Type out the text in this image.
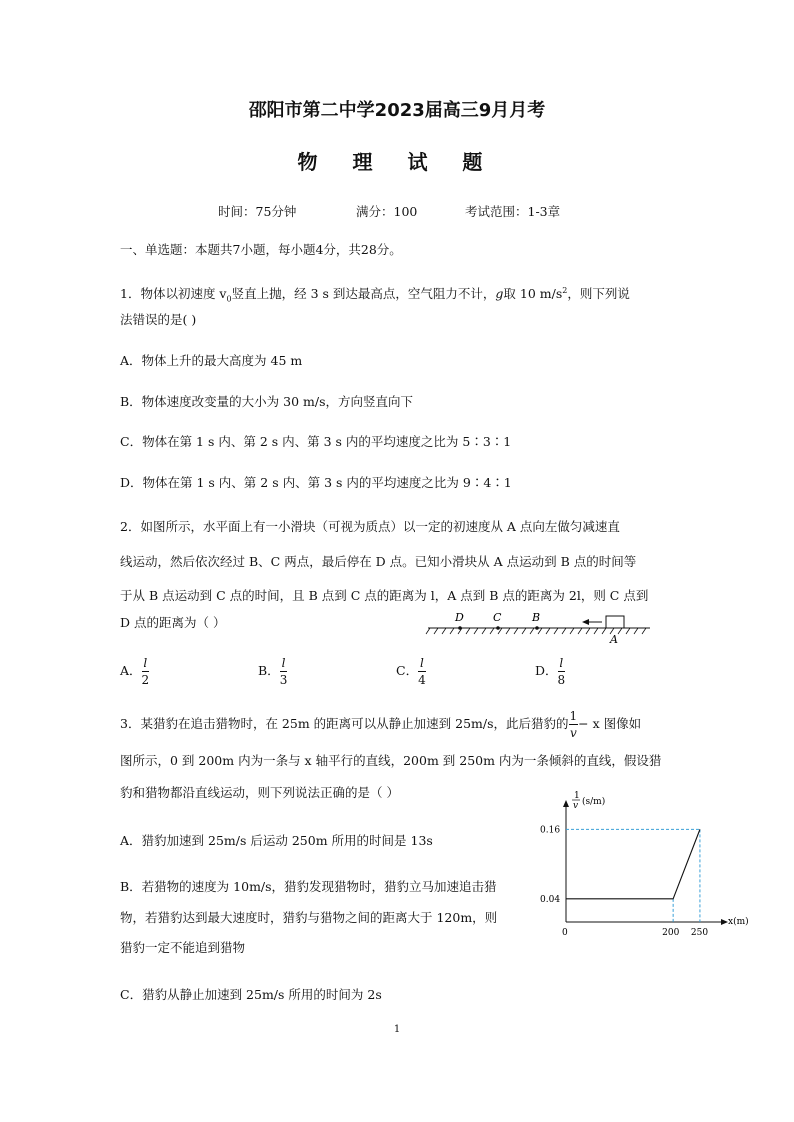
邵阳市第二中学2023届高三9月月考
物 理 试 题
时间：75分钟	满分：100	考试范围：1-3章
一、单选题：本题共7小题，每小题4分，共28分。
1．物体以初速度 $v_0$竖直上抛，经 3 s 到达最高点，空气阻力不计，g取 10 $m/s^2$，则下列说
法错误的是( )
A．物体上升的最大高度为 45 m
B．物体速度改变量的大小为 30 m/s，方向竖直向下
C．物体在第 1 s 内、第 2 s 内、第 3 s 内的平均速度之比为 5∶3∶1
D．物体在第 1 s 内、第 2 s 内、第 3 s 内的平均速度之比为 9∶4∶1
2．如图所示，水平面上有一小滑块（可视为质点）以一定的初速度从 A 点向左做匀减速直
线运动，然后依次经过 B、C 两点，最后停在 D 点。已知小滑块从 A 点运动到 B 点的时间等
于从 B 点运动到 C 点的时间，且 B 点到 C 点的距离为 l，A 点到 B 点的距离为 2l，则 C 点到
D 点的距离为（ ）	D	C	B
A
A． $\frac{l}{2}$	B． $\frac{l}{3}$	C． $\frac{l}{4}$	D． $\frac{l}{8}$
3．某猎豹在追击猎物时，在 25m 的距离可以从静止加速到 25m/s，此后猎豹的 $\frac{1}{v} - x$ 图像如
图所示，0 到 200m 内为一条与 x 轴平行的直线，200m 到 250m 内为一条倾斜的直线，假设猎
豹和猎物都沿直线运动，则下列说法正确的是（ ）
A．猎豹加速到 25m/s 后运动 250m 所用的时间是 13s
B．若猎物的速度为 10m/s，猎豹发现猎物时，猎豹立马加速追击猎
物，若猎豹达到最大速度时，猎豹与猎物之间的距离大于 120m，则
猎豹一定不能追到猎物
C．猎豹从静止加速到 25m/s 所用的时间为 2s
1
v (s/m)
x(m)
0
0.16
0.04
200 250
1
